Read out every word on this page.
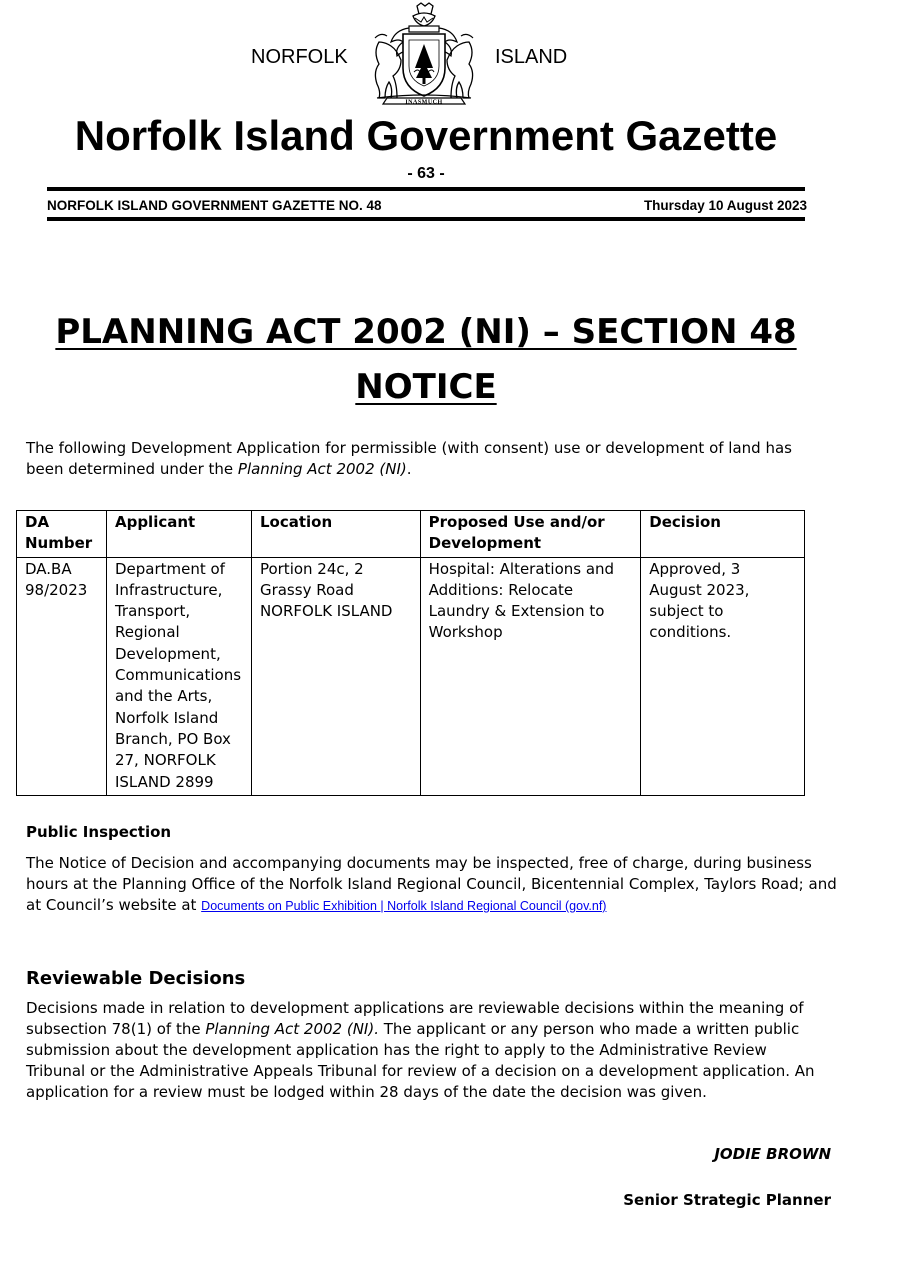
NORFOLK	ISLAND
INASMUCH
Norfolk Island Government Gazette
- 63 -
NORFOLK ISLAND GOVERNMENT GAZETTE NO. 48	Thursday 10 August 2023
PLANNING ACT 2002 (NI) – SECTION 48
NOTICE
The following Development Application for permissible (with consent) use or development of land has been determined under the Planning Act 2002 (NI).
DA Number	Applicant	Location	Proposed Use and/or Development	Decision
DA.BA 98/2023	Department of Infrastructure, Transport, Regional Development, Communications and the Arts, Norfolk Island Branch, PO Box 27, NORFOLK ISLAND 2899	Portion 24c, 2 Grassy Road NORFOLK ISLAND	Hospital: Alterations and Additions: Relocate Laundry & Extension to Workshop	Approved, 3 August 2023, subject to conditions.
Public Inspection
The Notice of Decision and accompanying documents may be inspected, free of charge, during business hours at the Planning Office of the Norfolk Island Regional Council, Bicentennial Complex, Taylors Road; and at Council’s website at Documents on Public Exhibition | Norfolk Island Regional Council (gov.nf)
Reviewable Decisions
Decisions made in relation to development applications are reviewable decisions within the meaning of subsection 78(1) of the Planning Act 2002 (NI). The applicant or any person who made a written public submission about the development application has the right to apply to the Administrative Review Tribunal or the Administrative Appeals Tribunal for review of a decision on a development application. An application for a review must be lodged within 28 days of the date the decision was given.
JODIE BROWN
Senior Strategic Planner
